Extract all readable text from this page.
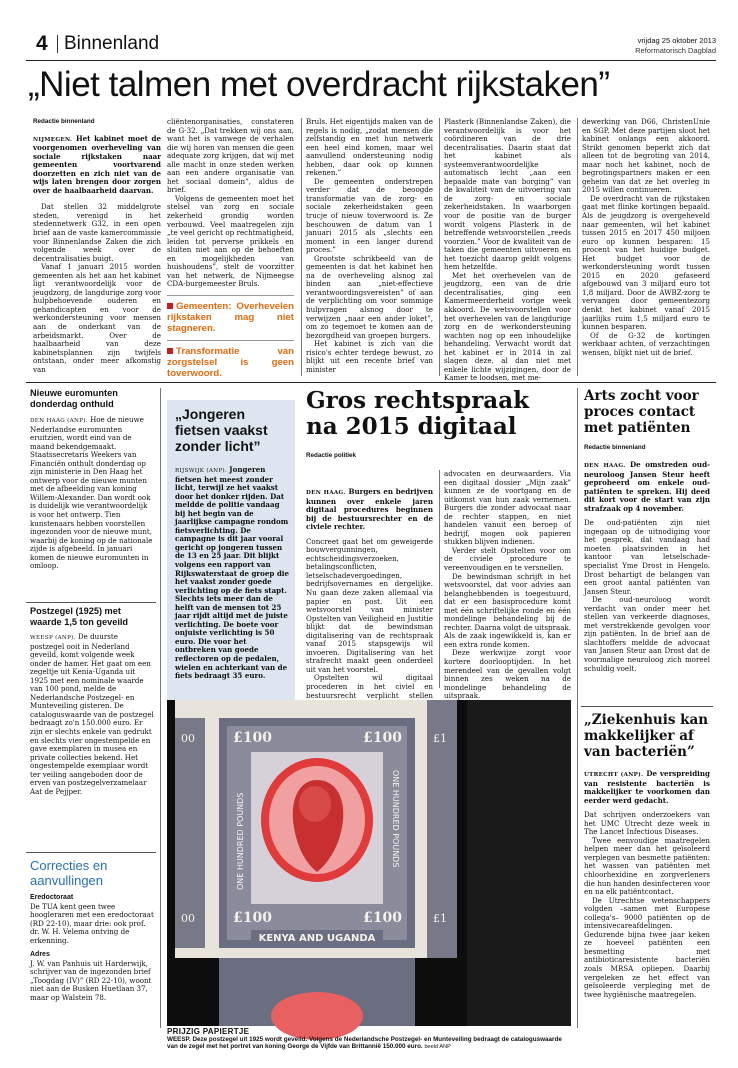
4 Binnenland	vrijdag 25 oktober 2013
Reformatorisch Dagblad
„Niet talmen met overdracht rijkstaken”
Redactie binnenland

NIJMEGEN. Het kabinet moet de voorgenomen overheveling van sociale rijkstaken naar gemeenten voortvarend doorzetten en zich niet van de wijs laten brengen door zorgen over de haalbaarheid daarvan.

Dat stellen 32 middelgrote steden, verenigd in het stedennetwerk G32, in een open brief aan de vaste kamercommissie voor Binnenlandse Zaken die zich volgende week over de decentralisaties buigt.

Vanaf 1 januari 2015 worden gemeenten als het aan het kabinet ligt verantwoordelijk voor de jeugdzorg, de langdurige zorg voor hulpbehoevende ouderen en gehandicapten en voor de werkondersteuning voor mensen aan de onderkant van de arbeidsmarkt. Over de haalbaarheid van deze kabinetsplannen zijn twijfels ontstaan, onder meer afkomstig van

cliëntenorganisaties, constateren de G-32. „Dat trekken wij ons aan, want het is vanwege de verhalen die wij horen van mensen die geen adequate zorg krijgen, dat wij met alle macht in onze steden werken aan een andere organisatie van het sociaal domein”, aldus de brief.

Volgens de gemeenten moet het stelsel van zorg en sociale zekerheid grondig worden verbouwd. Veel maatregelen zijn „te veel gericht op rechtmatigheid, leiden tot perverse prikkels en sluiten niet aan op de behoeften en mogelijkheden van huishoudens”, stelt de voorzitter van het netwerk, de Nijmeegse CDA-burgemeester Bruls.

Gemeenten: Overhevelen rijkstaken mag niet stagneren.
Transformatie van zorgstelsel is geen toverwoord.

Bruls. Het eigentijds maken van de regels is nodig, „zodat mensen die zelfstandig en met hun netwerk een heel eind komen, maar wel aanvullend ondersteuning nodig hebben, daar ook op kunnen rekenen.”

De gemeenten onderstrepen verder dat de beoogde transformatie van de zorg- en sociale zekerheidstaken geen trucje of nieuw toverwoord is. Ze beschouwen de datum van 1 januari 2015 als „slechts een moment in een langer durend proces.”

Grootste schrikbeeld van de gemeenten is dat het kabinet hen na de overheveling alsnog zal binden aan „niet-effectieve verantwoordingsvereisten” of aan de verplichting om voor sommige hulpvragen alsnog door te verwijzen „naar een ander loket”, om zo tegemoet te komen aan de bezorgdheid van groepen burgers.

Het kabinet is zich van die risico's echter terdege bewust, zo blijkt uit een recente brief van minister

Plasterk (Binnenlandse Zaken), die verantwoordelijk is voor het coördineren van de drie decentralisaties. Daarin staat dat het kabinet als systeemverantwoordelijke automatisch lecht „aan een bepaalde mate van borging” van de kwaliteit van de uitvoering van de zorg- en sociale zekerheidstaken. In waarborgen voor de positie van de burger wordt volgens Plasterk in de betreffende wetsvoorstellen „reeds voorzien.” Voor de kwaliteit van de taken die gemeenten uitvoeren en het toezicht daarop geldt volgens hem hetzelfde.

Met het overhevelen van de jeugdzorg, een van de drie decentralisaties, ging een Kamermeerderheid vorige week akkoord. De wetsvoorstellen voor het overhevelen van de langdurige zorg en de werkondersteuning wachten nog op een inhoudelijke behandeling. Verwacht wordt dat het kabinet er in 2014 in zal slagen deze, al dan niet met enkele lichte wijzigingen, door de Kamer te loodsen, met me-

dewerking van D66, ChristenUnie en SGP. Met deze partijen sloot het kabinet onlangs een akkoord. Strikt genomen beperkt zich dat alleen tot de begroting van 2014, maar noch het kabinet, noch de begrotingspartners maken er een geheim van dat ze het overleg in 2015 willen continueren.

De overdracht van de rijkstaken gaat met flinke kortingen bepaald. Als de jeugdzorg is overgeheveld naar gemeenten, wil het kabinet tussen 2015 en 2017 450 miljoen euro op kunnen besparen: 15 procent van het huidige budget. Het budget voor de werkondersteuning wordt tussen 2015 en 2020 gefaseerd afgebouwd van 3 miljard euro tot 1,8 miljard. Door de AWBZ-zorg te vervangen door gemeentezorg denkt het kabinet vanaf 2015 jaarlijks ruim 1,5 miljard euro te kunnen besparen.

Of de G-32 de kortingen werkbaar achten, of verzachtingen wensen, blijkt niet uit de brief.

Nieuwe euromunten donderdag onthuld

DEN HAAG (ANP). Hoe de nieuwe Nederlandse euromunten eruitzien, wordt eind van de maand bekendgemaakt. Staatssecretaris Weekers van Financiën onthult donderdag op zijn ministerie in Den Haag het ontwerp voor de nieuwe munten met de afbeelding van koning Willem-Alexander. Dan wordt ook is duidelijk wie verantwoordelijk is voor het ontwerp. Tien kunstenaars hebben voorstellen ingezonden voor de nieuwe munt, waarbij de koning op de nationale zijde is afgebeeld. In januari komen de nieuwe euromunten in omloop.

Postzegel (1925) met waarde 1,5 ton geveild

WEESP (ANP). De duurste postzegel ooit in Nederland geveild, komt volgende week onder de hamer. Het gaat om een zegeltje uit Kenia-Uganda uit 1925 met een nominale waarde van 100 pond, melde de Nederlandsche Postzegel- en Munteveiling gisteren. De cataloguswaarde van de postzegel bedraagt zo'n 150.000 euro. Er zijn er slechts enkele van gedrukt en slechts vier ongestempelde en gave exemplaren in musea en private collecties bekend. Het ongestempelde exemplaar wordt ter veiling aangeboden door de erven van postzegelverzamelaar Aat de Pejjper.

Correcties en aanvullingen
Eredoctoraat

De TUA kent geen twee hoogleraren met een eredoctoraat (RD 22-10), maar drie: ook prof. dr. W. H. Velema ontving de erkenning.

Adres

J. W. van Panhuis uit Harderwijk, schrijver van de ingezonden brief „Toogdag (IV)” (RD 22-10), woont niet aan de Busken Huetlaan 37, maar op Walstein 78.

„Jongeren fietsen vaakst zonder licht”

RIJSWIJK (ANP). Jongeren fietsen het meest zonder licht, terwijl ze het vaakst door het donker rijden. Dat meldde de politie vandaag bij het begin van de jaarlijkse campagne rondom fietsverlichting. De campagne is dit jaar vooral gericht op jongeren tussen de 13 en 25 jaar. Dit blijkt volgens een rapport van Rijkswaterstaat de groep die het vaakst zonder goede verlichting op de fiets stapt. Slechts iets meer dan de helft van de mensen tot 25 jaar rijdt altijd met de juiste verlichting. De boete voor onjuiste verlichting is 50 euro. Die voor het ontbreken van goede reflectoren op de pedalen, wielen en achterkant van de fiets bedraagt 35 euro.

Gros rechtspraak na 2015 digitaal
Redactie politiek

DEN HAAG. Burgers en bedrijven kunnen over enkele jaren digitaal procedures beginnen bij de bestuursrechter en de civiele rechter.

Concreet gaat het om geweigerde bouwvergunningen, echtscheidingsverzoeken, betalingsconflicten, letselschadevergoedingen, bedrijfsovernames en dergelijke. Nu gaan deze zaken allemaal via papier en post. Uit een wetsvoorstel van minister Opstelten van Veiligheid en Justitie blijkt dat de bewindsman digitalisering van de rechtspraak vanaf 2015 stapsgewijs wil invoeren. Digitalisering van het strafrecht maakt geen onderdeel uit van het voorstel.

Opstelten wil digitaal procederen in het civiel en bestuursrecht verplicht stellen

advocaten en deurwaarders. Via een digitaal dossier „Mijn zaak” kunnen ze de voortgang en de uitkomst van hun zaak vernemen. Burgers die zonder advocaat naar de rechter stappen, en niet handelen vanuit een beroep of bedrijf, mogen ook papieren stukken blijven indienen.

Verder stelt Opstelten voor om de civiele procedure te vereenvoudigen en te versnellen.

De bewindsman schrijft in het wetsvoorstel, dat voor advies aan belanghebbenden is toegestuurd, dat er een basisprocedure komt met één schriftelijke ronde en één mondelinge behandeling bij de rechter. Daarna volgt de uitspraak. Als de zaak ingewikkeld is, kan er een extra ronde komen.

Deze werkwijze zorgt voor kortere doorlooptijden. In het merendeel van de gevallen volgt binnen zes weken na de mondelinge behandeling de uitspraak.

Arts zocht voor proces contact met patiënten
Redactie binnenland

DEN HAAG. De omstreden oud-neuroloog Jansen Steur heeft geprobeerd om enkele oud-patiënten te spreken. Hij deed dit kort voor de start van zijn strafzaak op 4 november.

De oud-patiënten zijn niet ingegaan op de uitnodiging voor het gesprek, dat vandaag had moeten plaatsvinden in het kantoor van letselschade-specialist Yme Drost in Hengelo. Drost behartigt de belangen van een groot aantal patiënten van Jansen Steur.

De oud-neuroloog wordt verdacht van onder meer het stellen van verkeerde diagnoses, met verstrekkende gevolgen voor zijn patiënten. In de brief aan de slachtoffers meldde de advocaat van Jansen Steur aan Drost dat de voormalige neuroloog zich moreel schuldig voelt.

„Ziekenhuis kan makkelijker af van bacteriën”

UTRECHT (ANP). De verspreiding van resistente bacteriën is makkelijker te voorkomen dan eerder werd gedacht.

Dat schrijven onderzoekers van het UMC Utrecht deze week in The Lancet Infectious Diseases.

Twee eenvoudige maatregelen helpen meer dan het geïsoleerd verplegen van besmette patiënten: het wassen van patiënten met chloorhexidine en zorgverleners die hun handen desinfecteren voor en na elk patiëntcontact.

De Utrechtse wetenschappers volgden –samen met Europese collega's– 9000 patiënten op de intensivecareafdelingen. Gedurende bijna twee jaar keken ze hoeveel patiënten een besmetting met antibioticaresistente bacteriën zoals MRSA opliepen. Daarbij vergeleken ze het effect van geïsoleerde verpleging met de twee hygiënische maatregelen.

£100	£100
£100	£100
ONE HUNDRED POUNDS	ONE HUNDRED POUNDS
KENYA AND UGANDA
00
00
£1
£1
PRIJZIG PAPIERTJE
WEESP. Deze postzegel uit 1925 wordt geveild. Volgens de Nederlandsche Postzegel- en Munteveiling bedraagt de cataloguswaarde van de zegel met het portret van koning George de Vijfde van Brittannië 150.000 euro. beeld ANP
